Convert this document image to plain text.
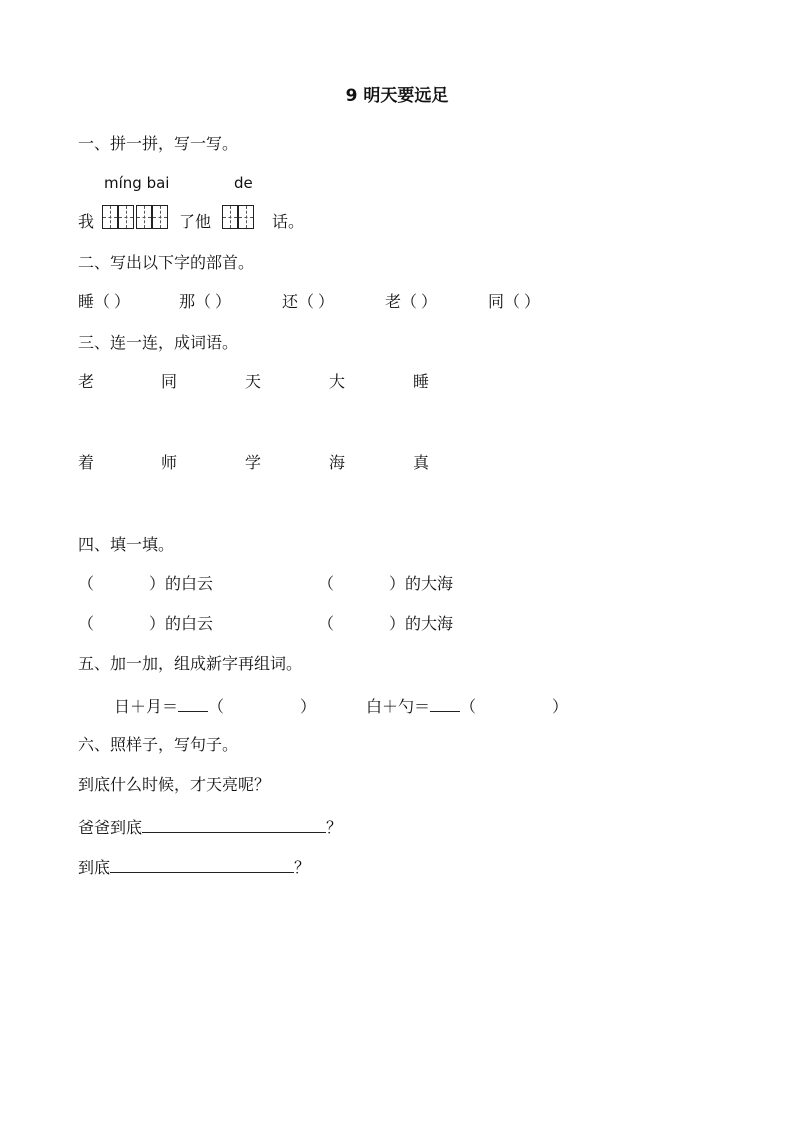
9 明天要远足
一、拼一拼，写一写。
míng bai	de
我	了他	话。
二、写出以下字的部首。
睡（ ）	那（ ）	还（ ）	老（ ）	同（ ）
三、连一连，成词语。
老	同	天	大	睡
着	师	学	海	真
四、填一填。
（	）的白云	（	）的大海
（	）的白云	（	）的大海
五、加一加，组成新字再组词。
日＋月＝ （	）	白＋勺＝ （	）
六、照样子，写句子。
到底什么时候，才天亮呢？
爸爸到底	？
到底	？
